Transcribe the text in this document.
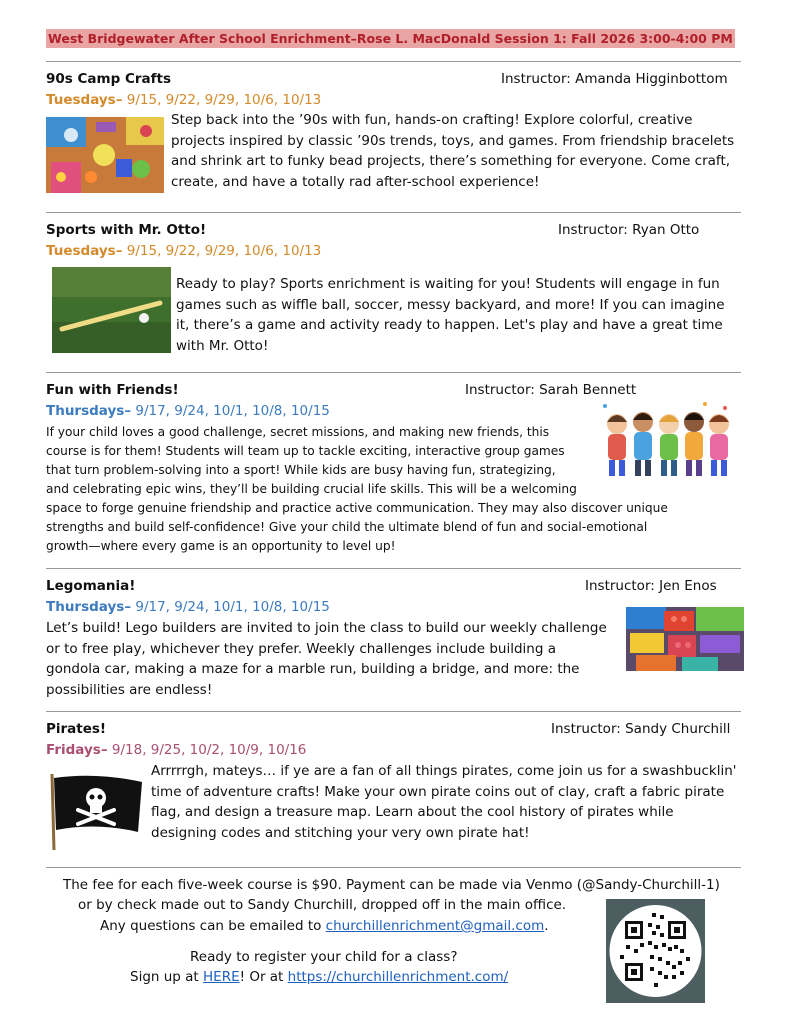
West Bridgewater After School Enrichment–Rose L. MacDonald Session 1: Fall 2026 3:00-4:00 PM
90s Camp Crafts	Instructor: Amanda Higginbottom
Tuesdays– 9/15, 9/22, 9/29, 10/6, 10/13
Step back into the ’90s with fun, hands-on crafting! Explore colorful, creative projects inspired by classic ’90s trends, toys, and games. From friendship bracelets and shrink art to funky bead projects, there’s something for everyone. Come craft, create, and have a totally rad after-school experience!
Sports with Mr. Otto!	Instructor: Ryan Otto
Tuesdays– 9/15, 9/22, 9/29, 10/6, 10/13
Ready to play? Sports enrichment is waiting for you! Students will engage in fun games such as wiffle ball, soccer, messy backyard, and more! If you can imagine it, there’s a game and activity ready to happen. Let's play and have a great time with Mr. Otto!
Fun with Friends!	Instructor: Sarah Bennett
Thursdays– 9/17, 9/24, 10/1, 10/8, 10/15
If your child loves a good challenge, secret missions, and making new friends, this
course is for them! Students will team up to tackle exciting, interactive group games
that turn problem-solving into a sport! While kids are busy having fun, strategizing,
and celebrating epic wins, they’ll be building crucial life skills. This will be a welcoming
space to forge genuine friendship and practice active communication. They may also discover unique
strengths and build self-confidence! Give your child the ultimate blend of fun and social-emotional
growth—where every game is an opportunity to level up!
Legomania!	Instructor: Jen Enos
Thursdays– 9/17, 9/24, 10/1, 10/8, 10/15
Let’s build! Lego builders are invited to join the class to build our weekly challenge
or to free play, whichever they prefer. Weekly challenges include building a
gondola car, making a maze for a marble run, building a bridge, and more: the
possibilities are endless!
Pirates!	Instructor: Sandy Churchill
Fridays– 9/18, 9/25, 10/2, 10/9, 10/16
Arrrrrgh, mateys… if ye are a fan of all things pirates, come join us for a swashbucklin'
time of adventure crafts! Make your own pirate coins out of clay, craft a fabric pirate
flag, and design a treasure map. Learn about the cool history of pirates while
designing codes and stitching your very own pirate hat!
The fee for each five-week course is $90. Payment can be made via Venmo (@Sandy-Churchill-1)
or by check made out to Sandy Churchill, dropped off in the main office.
Any questions can be emailed to churchillenrichment@gmail.com.
Ready to register your child for a class?
Sign up at HERE! Or at https://churchillenrichment.com/
